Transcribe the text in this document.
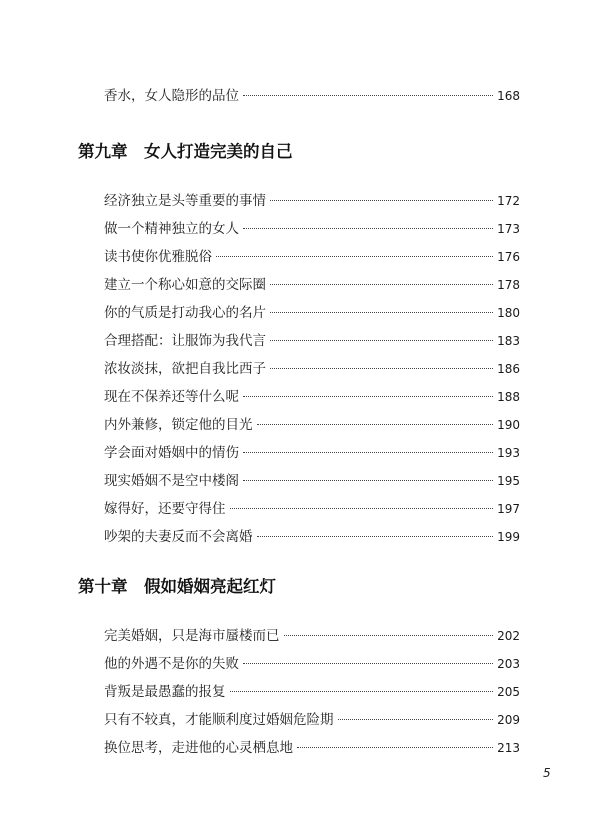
香水，女人隐形的品位	168
第九章　女人打造完美的自己
经济独立是头等重要的事情	172
做一个精神独立的女人	173
读书使你优雅脱俗	176
建立一个称心如意的交际圈	178
你的气质是打动我心的名片	180
合理搭配：让服饰为我代言	183
浓妆淡抹，欲把自我比西子	186
现在不保养还等什么呢	188
内外兼修，锁定他的目光	190
学会面对婚姻中的情伤	193
现实婚姻不是空中楼阁	195
嫁得好，还要守得住	197
吵架的夫妻反而不会离婚	199
第十章　假如婚姻亮起红灯
完美婚姻，只是海市蜃楼而已	202
他的外遇不是你的失败	203
背叛是最愚蠢的报复	205
只有不较真，才能顺利度过婚姻危险期	209
换位思考，走进他的心灵栖息地	213
5
